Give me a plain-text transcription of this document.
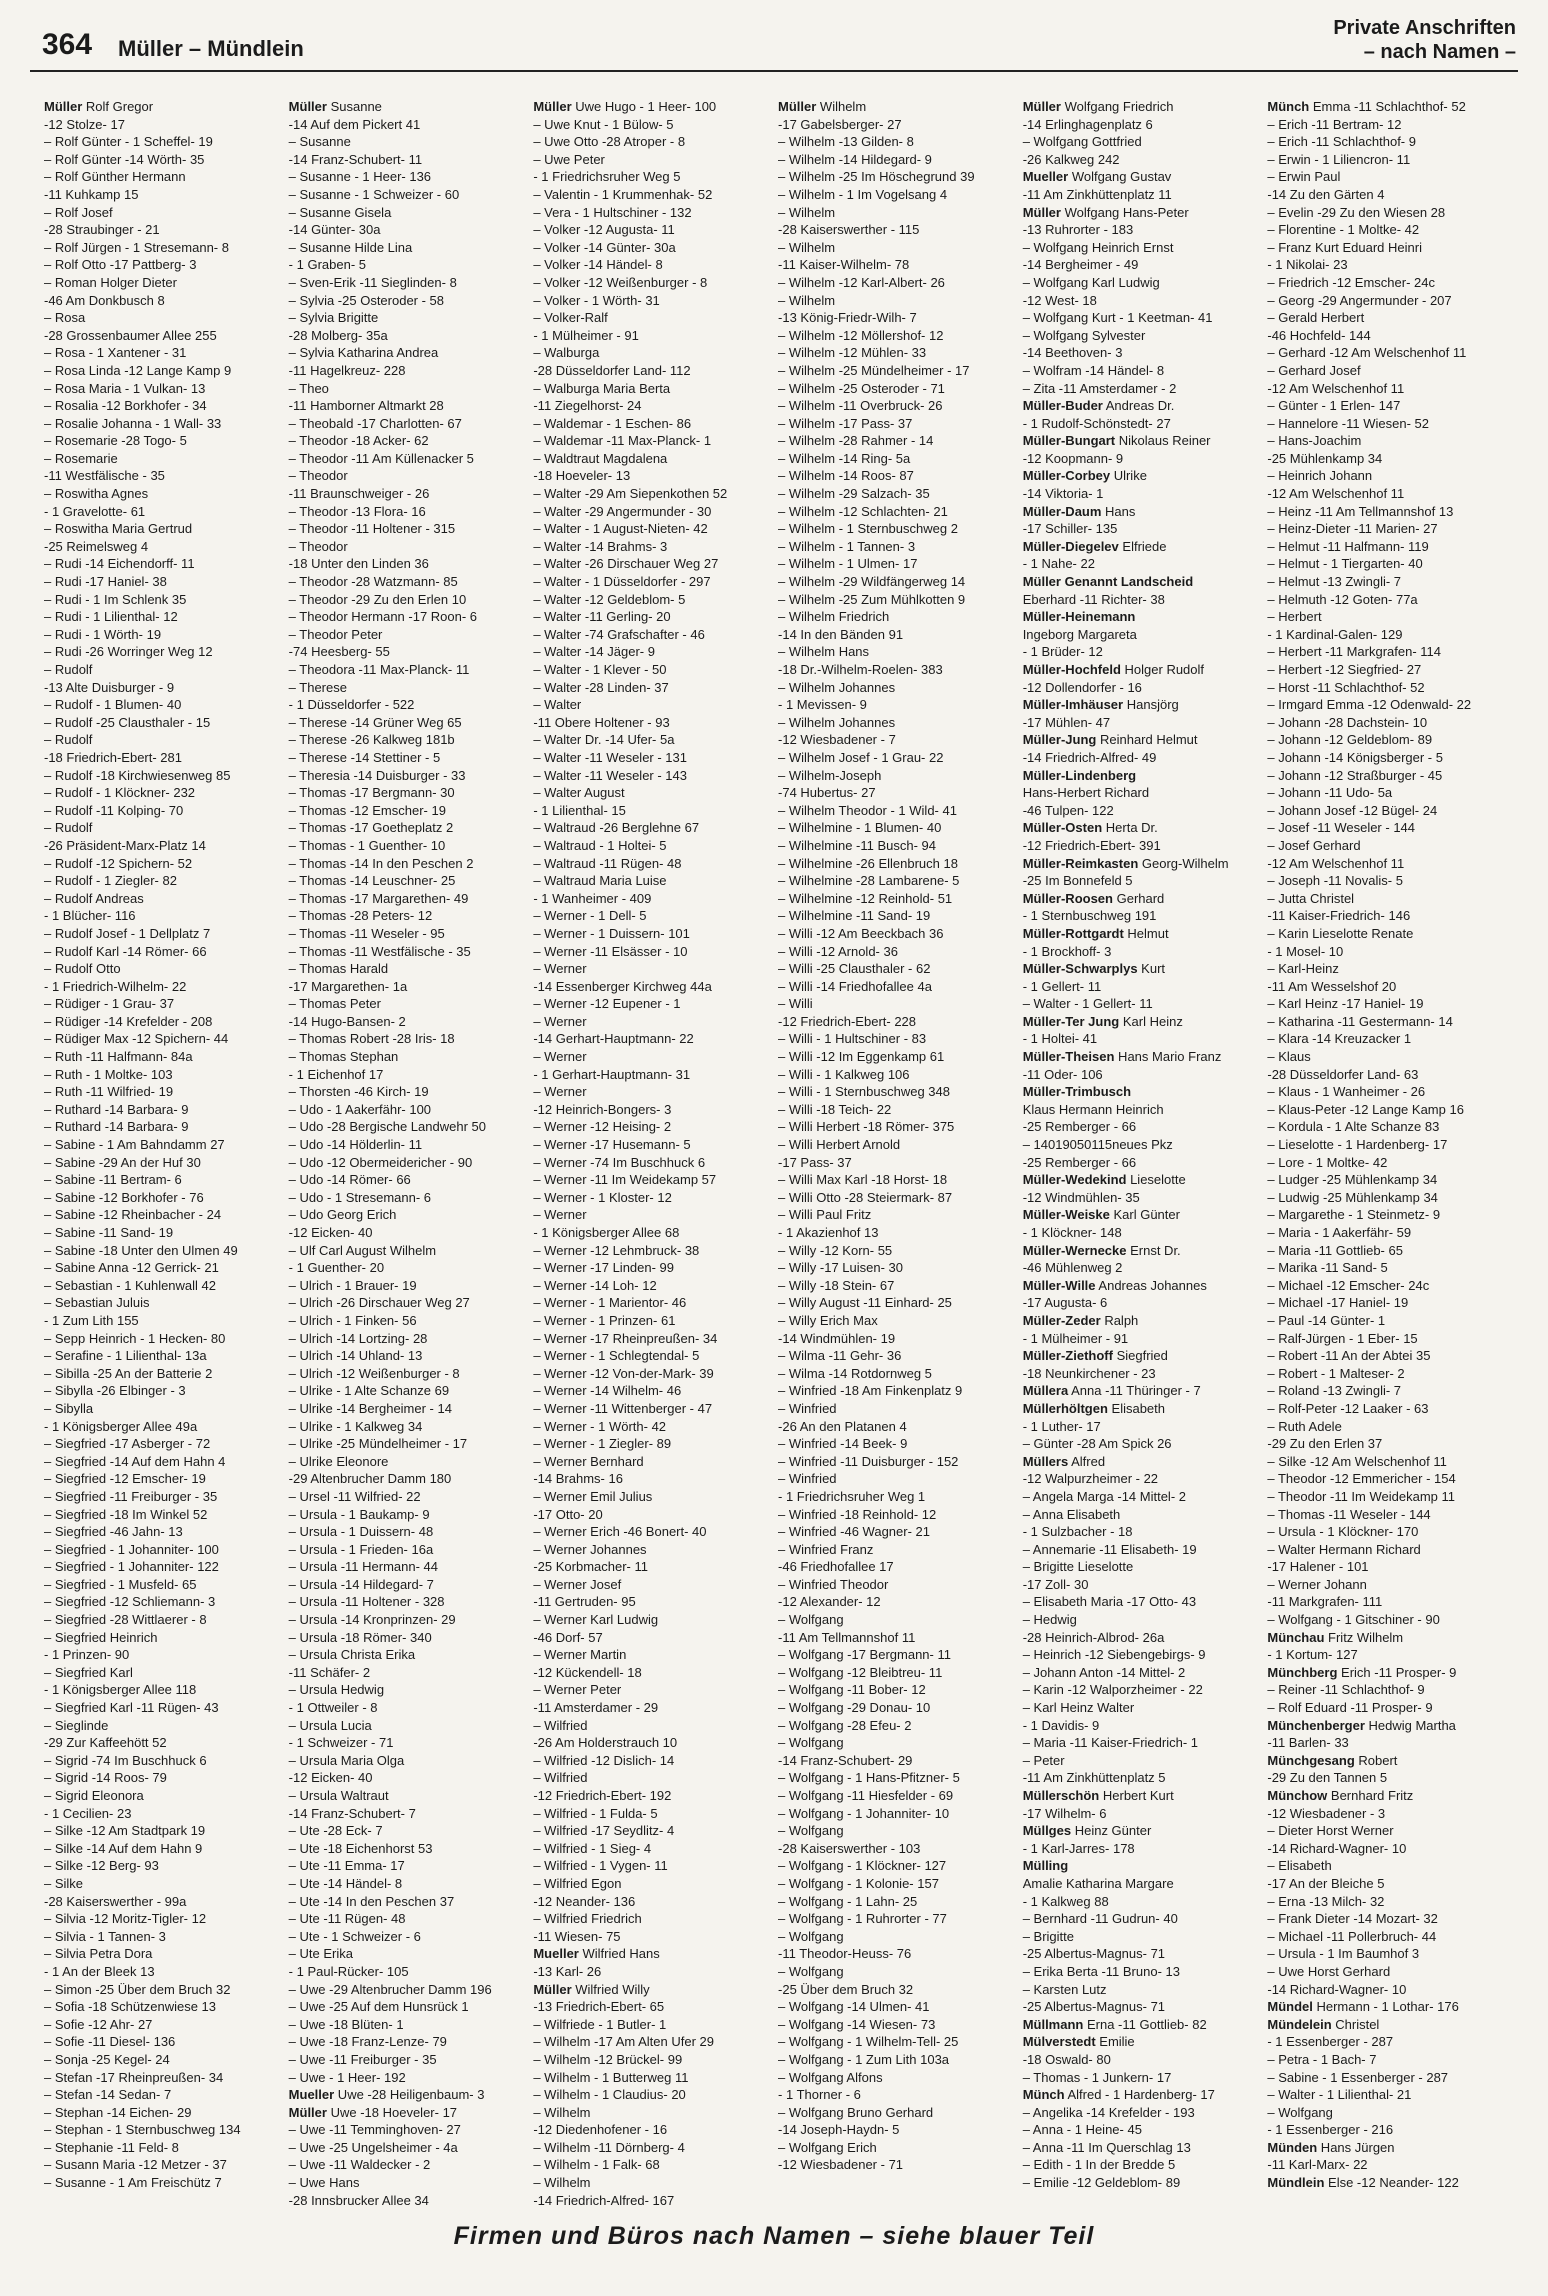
364 Müller – Mündlein
Private Anschriften
– nach Namen –
Müller Rolf Gregor
-12 Stolze- 17
– Rolf Günter - 1 Scheffel- 19
– Rolf Günter -14 Wörth- 35
– Rolf Günther Hermann
-11 Kuhkamp 15
– Rolf Josef
-28 Straubinger - 21
– Rolf Jürgen - 1 Stresemann- 8
– Rolf Otto -17 Pattberg- 3
– Roman Holger Dieter
-46 Am Donkbusch 8
– Rosa
-28 Grossenbaumer Allee 255
– Rosa - 1 Xantener - 31
– Rosa Linda -12 Lange Kamp 9
– Rosa Maria - 1 Vulkan- 13
– Rosalia -12 Borkhofer - 34
– Rosalie Johanna - 1 Wall- 33
– Rosemarie -28 Togo- 5
– Rosemarie
-11 Westfälische - 35
– Roswitha Agnes
- 1 Gravelotte- 61
– Roswitha Maria Gertrud
-25 Reimelsweg 4
– Rudi -14 Eichendorff- 11
– Rudi -17 Haniel- 38
– Rudi - 1 Im Schlenk 35
– Rudi - 1 Lilienthal- 12
– Rudi - 1 Wörth- 19
– Rudi -26 Worringer Weg 12
– Rudolf
-13 Alte Duisburger - 9
– Rudolf - 1 Blumen- 40
– Rudolf -25 Clausthaler - 15
– Rudolf
-18 Friedrich-Ebert- 281
– Rudolf -18 Kirchwiesenweg 85
– Rudolf - 1 Klöckner- 232
– Rudolf -11 Kolping- 70
– Rudolf
-26 Präsident-Marx-Platz 14
– Rudolf -12 Spichern- 52
– Rudolf - 1 Ziegler- 82
– Rudolf Andreas
- 1 Blücher- 116
– Rudolf Josef - 1 Dellplatz 7
– Rudolf Karl -14 Römer- 66
– Rudolf Otto
- 1 Friedrich-Wilhelm- 22
– Rüdiger - 1 Grau- 37
– Rüdiger -14 Krefelder - 208
– Rüdiger Max -12 Spichern- 44
– Ruth -11 Halfmann- 84a
– Ruth - 1 Moltke- 103
– Ruth -11 Wilfried- 19
– Ruthard -14 Barbara- 9
– Ruthard -14 Barbara- 9
– Sabine - 1 Am Bahndamm 27
– Sabine -29 An der Huf 30
– Sabine -11 Bertram- 6
– Sabine -12 Borkhofer - 76
– Sabine -12 Rheinbacher - 24
– Sabine -11 Sand- 19
– Sabine -18 Unter den Ulmen 49
– Sabine Anna -12 Gerrick- 21
– Sebastian - 1 Kuhlenwall 42
– Sebastian Juluis
- 1 Zum Lith 155
– Sepp Heinrich - 1 Hecken- 80
– Serafine - 1 Lilienthal- 13a
– Sibilla -25 An der Batterie 2
– Sibylla -26 Elbinger - 3
– Sibylla
- 1 Königsberger Allee 49a
– Siegfried -17 Asberger - 72
– Siegfried -14 Auf dem Hahn 4
– Siegfried -12 Emscher- 19
– Siegfried -11 Freiburger - 35
– Siegfried -18 Im Winkel 52
– Siegfried -46 Jahn- 13
– Siegfried - 1 Johanniter- 100
– Siegfried - 1 Johanniter- 122
– Siegfried - 1 Musfeld- 65
– Siegfried -12 Schliemann- 3
– Siegfried -28 Wittlaerer - 8
– Siegfried Heinrich
- 1 Prinzen- 90
– Siegfried Karl
- 1 Königsberger Allee 118
– Siegfried Karl -11 Rügen- 43
– Sieglinde
-29 Zur Kaffeehött 52
– Sigrid -74 Im Buschhuck 6
– Sigrid -14 Roos- 79
– Sigrid Eleonora
- 1 Cecilien- 23
– Silke -12 Am Stadtpark 19
– Silke -14 Auf dem Hahn 9
– Silke -12 Berg- 93
– Silke
-28 Kaiserswerther - 99a
– Silvia -12 Moritz-Tigler- 12
– Silvia - 1 Tannen- 3
– Silvia Petra Dora
- 1 An der Bleek 13
– Simon -25 Über dem Bruch 32
– Sofia -18 Schützenwiese 13
– Sofie -12 Ahr- 27
– Sofie -11 Diesel- 136
– Sonja -25 Kegel- 24
– Stefan -17 Rheinpreußen- 34
– Stefan -14 Sedan- 7
– Stephan -14 Eichen- 29
– Stephan - 1 Sternbuschweg 134
– Stephanie -11 Feld- 8
– Susann Maria -12 Metzer - 37
– Susanne - 1 Am Freischütz 7
Müller Susanne
-14 Auf dem Pickert 41
– Susanne
-14 Franz-Schubert- 11
– Susanne - 1 Heer- 136
– Susanne - 1 Schweizer - 60
– Susanne Gisela
-14 Günter- 30a
– Susanne Hilde Lina
- 1 Graben- 5
– Sven-Erik -11 Sieglinden- 8
– Sylvia -25 Osteroder - 58
– Sylvia Brigitte
-28 Molberg- 35a
– Sylvia Katharina Andrea
-11 Hagelkreuz- 228
– Theo
-11 Hamborner Altmarkt 28
– Theobald -17 Charlotten- 67
– Theodor -18 Acker- 62
– Theodor -11 Am Küllenacker 5
– Theodor
-11 Braunschweiger - 26
– Theodor -13 Flora- 16
– Theodor -11 Holtener - 315
– Theodor
-18 Unter den Linden 36
– Theodor -28 Watzmann- 85
– Theodor -29 Zu den Erlen 10
– Theodor Hermann -17 Roon- 6
– Theodor Peter
-74 Heesberg- 55
– Theodora -11 Max-Planck- 11
– Therese
- 1 Düsseldorfer - 522
– Therese -14 Grüner Weg 65
– Therese -26 Kalkweg 181b
– Therese -14 Stettiner - 5
– Theresia -14 Duisburger - 33
– Thomas -17 Bergmann- 30
– Thomas -12 Emscher- 19
– Thomas -17 Goetheplatz 2
– Thomas - 1 Guenther- 10
– Thomas -14 In den Peschen 2
– Thomas -14 Leuschner- 25
– Thomas -17 Margarethen- 49
– Thomas -28 Peters- 12
– Thomas -11 Weseler - 95
– Thomas -11 Westfälische - 35
– Thomas Harald
-17 Margarethen- 1a
– Thomas Peter
-14 Hugo-Bansen- 2
– Thomas Robert -28 Iris- 18
– Thomas Stephan
- 1 Eichenhof 17
– Thorsten -46 Kirch- 19
– Udo - 1 Aakerfähr- 100
– Udo -28 Bergische Landwehr 50
– Udo -14 Hölderlin- 11
– Udo -12 Obermeidericher - 90
– Udo -14 Römer- 66
– Udo - 1 Stresemann- 6
– Udo Georg Erich
-12 Eicken- 40
– Ulf Carl August Wilhelm
- 1 Guenther- 20
– Ulrich - 1 Brauer- 19
– Ulrich -26 Dirschauer Weg 27
– Ulrich - 1 Finken- 56
– Ulrich -14 Lortzing- 28
– Ulrich -14 Uhland- 13
– Ulrich -12 Weißenburger - 8
– Ulrike - 1 Alte Schanze 69
– Ulrike -14 Bergheimer - 14
– Ulrike - 1 Kalkweg 34
– Ulrike -25 Mündelheimer - 17
– Ulrike Eleonore
-29 Altenbrucher Damm 180
– Ursel -11 Wilfried- 22
– Ursula - 1 Baukamp- 9
– Ursula - 1 Duissern- 48
– Ursula - 1 Frieden- 16a
– Ursula -11 Hermann- 44
– Ursula -14 Hildegard- 7
– Ursula -11 Holtener - 328
– Ursula -14 Kronprinzen- 29
– Ursula -18 Römer- 340
– Ursula Christa Erika
-11 Schäfer- 2
– Ursula Hedwig
- 1 Ottweiler - 8
– Ursula Lucia
- 1 Schweizer - 71
– Ursula Maria Olga
-12 Eicken- 40
– Ursula Waltraut
-14 Franz-Schubert- 7
– Ute -28 Eck- 7
– Ute -18 Eichenhorst 53
– Ute -11 Emma- 17
– Ute -14 Händel- 8
– Ute -14 In den Peschen 37
– Ute -11 Rügen- 48
– Ute - 1 Schweizer - 6
– Ute Erika
- 1 Paul-Rücker- 105
– Uwe -29 Altenbrucher Damm 196
– Uwe -25 Auf dem Hunsrück 1
– Uwe -18 Blüten- 1
– Uwe -18 Franz-Lenze- 79
– Uwe -11 Freiburger - 35
– Uwe - 1 Heer- 192
Mueller Uwe -28 Heiligenbaum- 3
Müller Uwe -18 Hoeveler- 17
– Uwe -11 Temminghoven- 27
– Uwe -25 Ungelsheimer - 4a
– Uwe -11 Waldecker - 2
– Uwe Hans
-28 Innsbrucker Allee 34
Müller Uwe Hugo - 1 Heer- 100
– Uwe Knut - 1 Bülow- 5
– Uwe Otto -28 Atroper - 8
– Uwe Peter
- 1 Friedrichsruher Weg 5
– Valentin - 1 Krummenhak- 52
– Vera - 1 Hultschiner - 132
– Volker -12 Augusta- 11
– Volker -14 Günter- 30a
– Volker -14 Händel- 8
– Volker -12 Weißenburger - 8
– Volker - 1 Wörth- 31
– Volker-Ralf
- 1 Mülheimer - 91
– Walburga
-28 Düsseldorfer Land- 112
– Walburga Maria Berta
-11 Ziegelhorst- 24
– Waldemar - 1 Eschen- 86
– Waldemar -11 Max-Planck- 1
– Waldtraut Magdalena
-18 Hoeveler- 13
– Walter -29 Am Siepenkothen 52
– Walter -29 Angermunder - 30
– Walter - 1 August-Nieten- 42
– Walter -14 Brahms- 3
– Walter -26 Dirschauer Weg 27
– Walter - 1 Düsseldorfer - 297
– Walter -12 Geldeblom- 5
– Walter -11 Gerling- 20
– Walter -74 Grafschafter - 46
– Walter -14 Jäger- 9
– Walter - 1 Klever - 50
– Walter -28 Linden- 37
– Walter
-11 Obere Holtener - 93
– Walter Dr. -14 Ufer- 5a
– Walter -11 Weseler - 131
– Walter -11 Weseler - 143
– Walter August
- 1 Lilienthal- 15
– Waltraud -26 Berglehne 67
– Waltraud - 1 Holtei- 5
– Waltraud -11 Rügen- 48
– Waltraud Maria Luise
- 1 Wanheimer - 409
– Werner - 1 Dell- 5
– Werner - 1 Duissern- 101
– Werner -11 Elsässer - 10
– Werner
-14 Essenberger Kirchweg 44a
– Werner -12 Eupener - 1
– Werner
-14 Gerhart-Hauptmann- 22
– Werner
- 1 Gerhart-Hauptmann- 31
– Werner
-12 Heinrich-Bongers- 3
– Werner -12 Heising- 2
– Werner -17 Husemann- 5
– Werner -74 Im Buschhuck 6
– Werner -11 Im Weidekamp 57
– Werner - 1 Kloster- 12
– Werner
- 1 Königsberger Allee 68
– Werner -12 Lehmbruck- 38
– Werner -17 Linden- 99
– Werner -14 Loh- 12
– Werner - 1 Marientor- 46
– Werner - 1 Prinzen- 61
– Werner -17 Rheinpreußen- 34
– Werner - 1 Schlegtendal- 5
– Werner -12 Von-der-Mark- 39
– Werner -14 Wilhelm- 46
– Werner -11 Wittenberger - 47
– Werner - 1 Wörth- 42
– Werner - 1 Ziegler- 89
– Werner Bernhard
-14 Brahms- 16
– Werner Emil Julius
-17 Otto- 20
– Werner Erich -46 Bonert- 40
– Werner Johannes
-25 Korbmacher- 11
– Werner Josef
-11 Gertruden- 95
– Werner Karl Ludwig
-46 Dorf- 57
– Werner Martin
-12 Kückendell- 18
– Werner Peter
-11 Amsterdamer - 29
– Wilfried
-26 Am Holderstrauch 10
– Wilfried -12 Dislich- 14
– Wilfried
-12 Friedrich-Ebert- 192
– Wilfried - 1 Fulda- 5
– Wilfried -17 Seydlitz- 4
– Wilfried - 1 Sieg- 4
– Wilfried - 1 Vygen- 11
– Wilfried Egon
-12 Neander- 136
– Wilfried Friedrich
-11 Wiesen- 75
Mueller Wilfried Hans
-13 Karl- 26
Müller Wilfried Willy
-13 Friedrich-Ebert- 65
– Wilfriede - 1 Butler- 1
– Wilhelm -17 Am Alten Ufer 29
– Wilhelm -12 Brückel- 99
– Wilhelm - 1 Butterweg 11
– Wilhelm - 1 Claudius- 20
– Wilhelm
-12 Diedenhofener - 16
– Wilhelm -11 Dörnberg- 4
– Wilhelm - 1 Falk- 68
– Wilhelm
-14 Friedrich-Alfred- 167
Müller Wilhelm
-17 Gabelsberger- 27
– Wilhelm -13 Gilden- 8
– Wilhelm -14 Hildegard- 9
– Wilhelm -25 Im Höschegrund 39
– Wilhelm - 1 Im Vogelsang 4
– Wilhelm
-28 Kaiserswerther - 115
– Wilhelm
-11 Kaiser-Wilhelm- 78
– Wilhelm -12 Karl-Albert- 26
– Wilhelm
-13 König-Friedr-Wilh- 7
– Wilhelm -12 Möllershof- 12
– Wilhelm -12 Mühlen- 33
– Wilhelm -25 Mündelheimer - 17
– Wilhelm -25 Osteroder - 71
– Wilhelm -11 Overbruck- 26
– Wilhelm -17 Pass- 37
– Wilhelm -28 Rahmer - 14
– Wilhelm -14 Ring- 5a
– Wilhelm -14 Roos- 87
– Wilhelm -29 Salzach- 35
– Wilhelm -12 Schlachten- 21
– Wilhelm - 1 Sternbuschweg 2
– Wilhelm - 1 Tannen- 3
– Wilhelm - 1 Ulmen- 17
– Wilhelm -29 Wildfängerweg 14
– Wilhelm -25 Zum Mühlkotten 9
– Wilhelm Friedrich
-14 In den Bänden 91
– Wilhelm Hans
-18 Dr.-Wilhelm-Roelen- 383
– Wilhelm Johannes
- 1 Mevissen- 9
– Wilhelm Johannes
-12 Wiesbadener - 7
– Wilhelm Josef - 1 Grau- 22
– Wilhelm-Joseph
-74 Hubertus- 27
– Wilhelm Theodor - 1 Wild- 41
– Wilhelmine - 1 Blumen- 40
– Wilhelmine -11 Busch- 94
– Wilhelmine -26 Ellenbruch 18
– Wilhelmine -28 Lambarene- 5
– Wilhelmine -12 Reinhold- 51
– Wilhelmine -11 Sand- 19
– Willi -12 Am Beeckbach 36
– Willi -12 Arnold- 36
– Willi -25 Clausthaler - 62
– Willi -14 Friedhofallee 4a
– Willi
-12 Friedrich-Ebert- 228
– Willi - 1 Hultschiner - 83
– Willi -12 Im Eggenkamp 61
– Willi - 1 Kalkweg 106
– Willi - 1 Sternbuschweg 348
– Willi -18 Teich- 22
– Willi Herbert -18 Römer- 375
– Willi Herbert Arnold
-17 Pass- 37
– Willi Max Karl -18 Horst- 18
– Willi Otto -28 Steiermark- 87
– Willi Paul Fritz
- 1 Akazienhof 13
– Willy -12 Korn- 55
– Willy -17 Luisen- 30
– Willy -18 Stein- 67
– Willy August -11 Einhard- 25
– Willy Erich Max
-14 Windmühlen- 19
– Wilma -11 Gehr- 36
– Wilma -14 Rotdornweg 5
– Winfried -18 Am Finkenplatz 9
– Winfried
-26 An den Platanen 4
– Winfried -14 Beek- 9
– Winfried -11 Duisburger - 152
– Winfried
- 1 Friedrichsruher Weg 1
– Winfried -18 Reinhold- 12
– Winfried -46 Wagner- 21
– Winfried Franz
-46 Friedhofallee 17
– Winfried Theodor
-12 Alexander- 12
– Wolfgang
-11 Am Tellmannshof 11
– Wolfgang -17 Bergmann- 11
– Wolfgang -12 Bleibtreu- 11
– Wolfgang -11 Bober- 12
– Wolfgang -29 Donau- 10
– Wolfgang -28 Efeu- 2
– Wolfgang
-14 Franz-Schubert- 29
– Wolfgang - 1 Hans-Pfitzner- 5
– Wolfgang -11 Hiesfelder - 69
– Wolfgang - 1 Johanniter- 10
– Wolfgang
-28 Kaiserswerther - 103
– Wolfgang - 1 Klöckner- 127
– Wolfgang - 1 Kolonie- 157
– Wolfgang - 1 Lahn- 25
– Wolfgang - 1 Ruhrorter - 77
– Wolfgang
-11 Theodor-Heuss- 76
– Wolfgang
-25 Über dem Bruch 32
– Wolfgang -14 Ulmen- 41
– Wolfgang -14 Wiesen- 73
– Wolfgang - 1 Wilhelm-Tell- 25
– Wolfgang - 1 Zum Lith 103a
– Wolfgang Alfons
- 1 Thorner - 6
– Wolfgang Bruno Gerhard
-14 Joseph-Haydn- 5
– Wolfgang Erich
-12 Wiesbadener - 71
Müller Wolfgang Friedrich
-14 Erlinghagenplatz 6
– Wolfgang Gottfried
-26 Kalkweg 242
Mueller Wolfgang Gustav
-11 Am Zinkhüttenplatz 11
Müller Wolfgang Hans-Peter
-13 Ruhrorter - 183
– Wolfgang Heinrich Ernst
-14 Bergheimer - 49
– Wolfgang Karl Ludwig
-12 West- 18
– Wolfgang Kurt - 1 Keetman- 41
– Wolfgang Sylvester
-14 Beethoven- 3
– Wolfram -14 Händel- 8
– Zita -11 Amsterdamer - 2
Müller-Buder Andreas Dr.
- 1 Rudolf-Schönstedt- 27
Müller-Bungart Nikolaus Reiner
-12 Koopmann- 9
Müller-Corbey Ulrike
-14 Viktoria- 1
Müller-Daum Hans
-17 Schiller- 135
Müller-Diegelev Elfriede
- 1 Nahe- 22
Müller Genannt Landscheid
Eberhard -11 Richter- 38
Müller-Heinemann
Ingeborg Margareta
- 1 Brüder- 12
Müller-Hochfeld Holger Rudolf
-12 Dollendorfer - 16
Müller-Imhäuser Hansjörg
-17 Mühlen- 47
Müller-Jung Reinhard Helmut
-14 Friedrich-Alfred- 49
Müller-Lindenberg
Hans-Herbert Richard
-46 Tulpen- 122
Müller-Osten Herta Dr.
-12 Friedrich-Ebert- 391
Müller-Reimkasten Georg-Wilhelm
-25 Im Bonnefeld 5
Müller-Roosen Gerhard
- 1 Sternbuschweg 191
Müller-Rottgardt Helmut
- 1 Brockhoff- 3
Müller-Schwarplys Kurt
- 1 Gellert- 11
– Walter - 1 Gellert- 11
Müller-Ter Jung Karl Heinz
- 1 Holtei- 41
Müller-Theisen Hans Mario Franz
-11 Oder- 106
Müller-Trimbusch
Klaus Hermann Heinrich
-25 Remberger - 66
– 14019050115neues Pkz
-25 Remberger - 66
Müller-Wedekind Lieselotte
-12 Windmühlen- 35
Müller-Weiske Karl Günter
- 1 Klöckner- 148
Müller-Wernecke Ernst Dr.
-46 Mühlenweg 2
Müller-Wille Andreas Johannes
-17 Augusta- 6
Müller-Zeder Ralph
- 1 Mülheimer - 91
Müller-Ziethoff Siegfried
-18 Neunkirchener - 23
Müllera Anna -11 Thüringer - 7
Müllerhöltgen Elisabeth
- 1 Luther- 17
– Günter -28 Am Spick 26
Müllers Alfred
-12 Walpurzheimer - 22
– Angela Marga -14 Mittel- 2
– Anna Elisabeth
- 1 Sulzbacher - 18
– Annemarie -11 Elisabeth- 19
– Brigitte Lieselotte
-17 Zoll- 30
– Elisabeth Maria -17 Otto- 43
– Hedwig
-28 Heinrich-Albrod- 26a
– Heinrich -12 Siebengebirgs- 9
– Johann Anton -14 Mittel- 2
– Karin -12 Walporzheimer - 22
– Karl Heinz Walter
- 1 Davidis- 9
– Maria -11 Kaiser-Friedrich- 1
– Peter
-11 Am Zinkhüttenplatz 5
Müllerschön Herbert Kurt
-17 Wilhelm- 6
Müllges Heinz Günter
- 1 Karl-Jarres- 178
Mülling
Amalie Katharina Margare
- 1 Kalkweg 88
– Bernhard -11 Gudrun- 40
– Brigitte
-25 Albertus-Magnus- 71
– Erika Berta -11 Bruno- 13
– Karsten Lutz
-25 Albertus-Magnus- 71
Müllmann Erna -11 Gottlieb- 82
Mülverstedt Emilie
-18 Oswald- 80
– Thomas - 1 Junkern- 17
Münch Alfred - 1 Hardenberg- 17
– Angelika -14 Krefelder - 193
– Anna - 1 Heine- 45
– Anna -11 Im Querschlag 13
– Edith - 1 In der Bredde 5
– Emilie -12 Geldeblom- 89
Münch Emma -11 Schlachthof- 52
– Erich -11 Bertram- 12
– Erich -11 Schlachthof- 9
– Erwin - 1 Liliencron- 11
– Erwin Paul
-14 Zu den Gärten 4
– Evelin -29 Zu den Wiesen 28
– Florentine - 1 Moltke- 42
– Franz Kurt Eduard Heinri
- 1 Nikolai- 23
– Friedrich -12 Emscher- 24c
– Georg -29 Angermunder - 207
– Gerald Herbert
-46 Hochfeld- 144
– Gerhard -12 Am Welschenhof 11
– Gerhard Josef
-12 Am Welschenhof 11
– Günter - 1 Erlen- 147
– Hannelore -11 Wiesen- 52
– Hans-Joachim
-25 Mühlenkamp 34
– Heinrich Johann
-12 Am Welschenhof 11
– Heinz -11 Am Tellmannshof 13
– Heinz-Dieter -11 Marien- 27
– Helmut -11 Halfmann- 119
– Helmut - 1 Tiergarten- 40
– Helmut -13 Zwingli- 7
– Helmuth -12 Goten- 77a
– Herbert
- 1 Kardinal-Galen- 129
– Herbert -11 Markgrafen- 114
– Herbert -12 Siegfried- 27
– Horst -11 Schlachthof- 52
– Irmgard Emma -12 Odenwald- 22
– Johann -28 Dachstein- 10
– Johann -12 Geldeblom- 89
– Johann -14 Königsberger - 5
– Johann -12 Straßburger - 45
– Johann -11 Udo- 5a
– Johann Josef -12 Bügel- 24
– Josef -11 Weseler - 144
– Josef Gerhard
-12 Am Welschenhof 11
– Joseph -11 Novalis- 5
– Jutta Christel
-11 Kaiser-Friedrich- 146
– Karin Lieselotte Renate
- 1 Mosel- 10
– Karl-Heinz
-11 Am Wesselshof 20
– Karl Heinz -17 Haniel- 19
– Katharina -11 Gestermann- 14
– Klara -14 Kreuzacker 1
– Klaus
-28 Düsseldorfer Land- 63
– Klaus - 1 Wanheimer - 26
– Klaus-Peter -12 Lange Kamp 16
– Kordula - 1 Alte Schanze 83
– Lieselotte - 1 Hardenberg- 17
– Lore - 1 Moltke- 42
– Ludger -25 Mühlenkamp 34
– Ludwig -25 Mühlenkamp 34
– Margarethe - 1 Steinmetz- 9
– Maria - 1 Aakerfähr- 59
– Maria -11 Gottlieb- 65
– Marika -11 Sand- 5
– Michael -12 Emscher- 24c
– Michael -17 Haniel- 19
– Paul -14 Günter- 1
– Ralf-Jürgen - 1 Eber- 15
– Robert -11 An der Abtei 35
– Robert - 1 Malteser- 2
– Roland -13 Zwingli- 7
– Rolf-Peter -12 Laaker - 63
– Ruth Adele
-29 Zu den Erlen 37
– Silke -12 Am Welschenhof 11
– Theodor -12 Emmericher - 154
– Theodor -11 Im Weidekamp 11
– Thomas -11 Weseler - 144
– Ursula - 1 Klöckner- 170
– Walter Hermann Richard
-17 Halener - 101
– Werner Johann
-11 Markgrafen- 111
– Wolfgang - 1 Gitschiner - 90
Münchau Fritz Wilhelm
- 1 Kortum- 127
Münchberg Erich -11 Prosper- 9
– Reiner -11 Schlachthof- 9
– Rolf Eduard -11 Prosper- 9
Münchenberger Hedwig Martha
-11 Barlen- 33
Münchgesang Robert
-29 Zu den Tannen 5
Münchow Bernhard Fritz
-12 Wiesbadener - 3
– Dieter Horst Werner
-14 Richard-Wagner- 10
– Elisabeth
-17 An der Bleiche 5
– Erna -13 Milch- 32
– Frank Dieter -14 Mozart- 32
– Michael -11 Pollerbruch- 44
– Ursula - 1 Im Baumhof 3
– Uwe Horst Gerhard
-14 Richard-Wagner- 10
Mündel Hermann - 1 Lothar- 176
Mündelein Christel
- 1 Essenberger - 287
– Petra - 1 Bach- 7
– Sabine - 1 Essenberger - 287
– Walter - 1 Lilienthal- 21
– Wolfgang
- 1 Essenberger - 216
Münden Hans Jürgen
-11 Karl-Marx- 22
Mündlein Else -12 Neander- 122
Firmen und Büros nach Namen – siehe blauer Teil
